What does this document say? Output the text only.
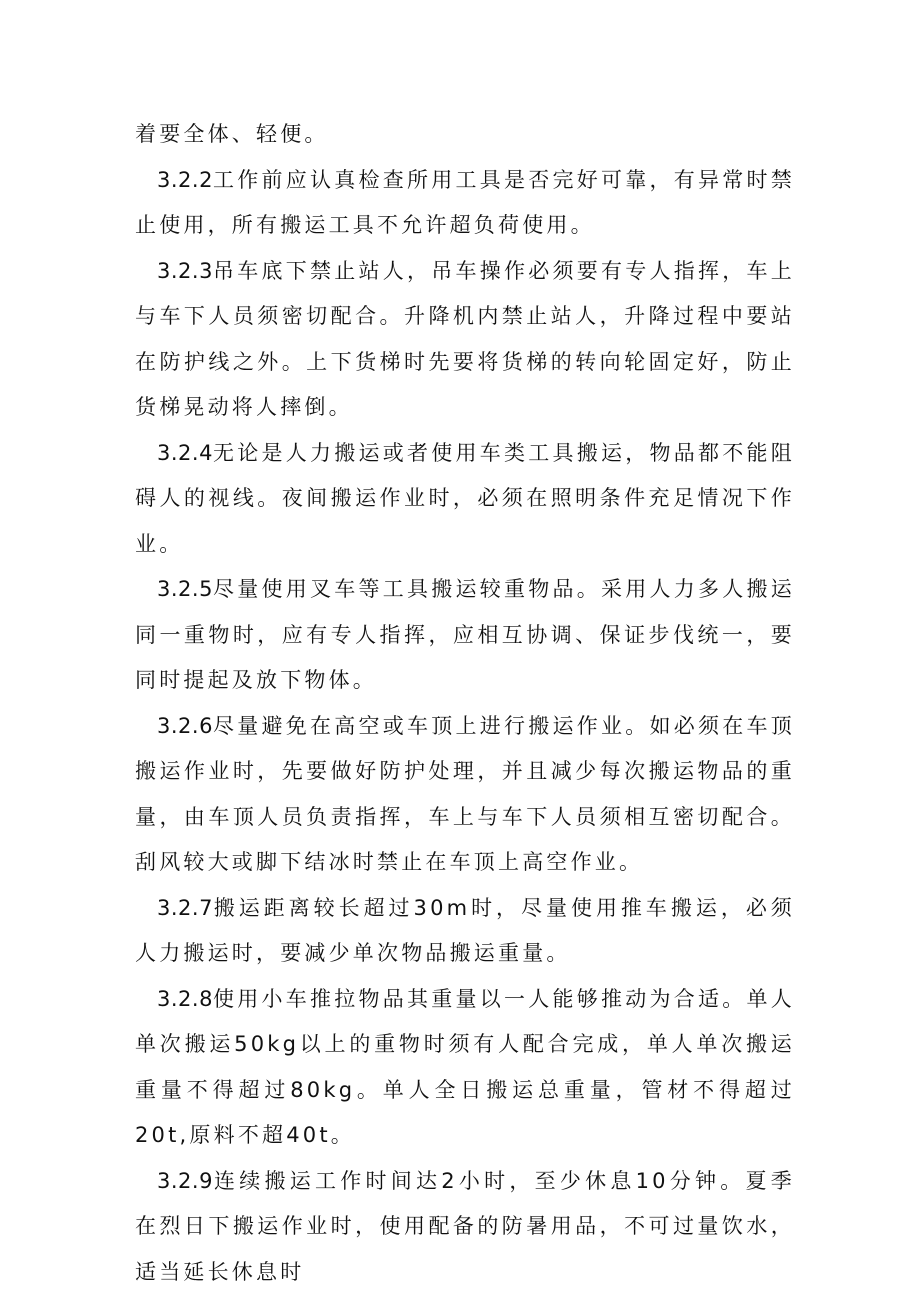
着要全体、轻便。

3.2.2工作前应认真检查所用工具是否完好可靠，有异常时禁止使用，所有搬运工具不允许超负荷使用。

3.2.3吊车底下禁止站人，吊车操作必须要有专人指挥，车上与车下人员须密切配合。升降机内禁止站人，升降过程中要站在防护线之外。上下货梯时先要将货梯的转向轮固定好，防止货梯晃动将人摔倒。

3.2.4无论是人力搬运或者使用车类工具搬运，物品都不能阻碍人的视线。夜间搬运作业时，必须在照明条件充足情况下作业。

3.2.5尽量使用叉车等工具搬运较重物品。采用人力多人搬运同一重物时，应有专人指挥，应相互协调、保证步伐统一，要同时提起及放下物体。

3.2.6尽量避免在高空或车顶上进行搬运作业。如必须在车顶搬运作业时，先要做好防护处理，并且减少每次搬运物品的重量，由车顶人员负责指挥，车上与车下人员须相互密切配合。刮风较大或脚下结冰时禁止在车顶上高空作业。

3.2.7搬运距离较长超过30m时，尽量使用推车搬运，必须人力搬运时，要减少单次物品搬运重量。

3.2.8使用小车推拉物品其重量以一人能够推动为合适。单人单次搬运50kg以上的重物时须有人配合完成，单人单次搬运重量不得超过80kg。单人全日搬运总重量，管材不得超过20t,原料不超40t。

3.2.9连续搬运工作时间达2小时，至少休息10分钟。夏季在烈日下搬运作业时，使用配备的防暑用品，不可过量饮水，适当延长休息时
